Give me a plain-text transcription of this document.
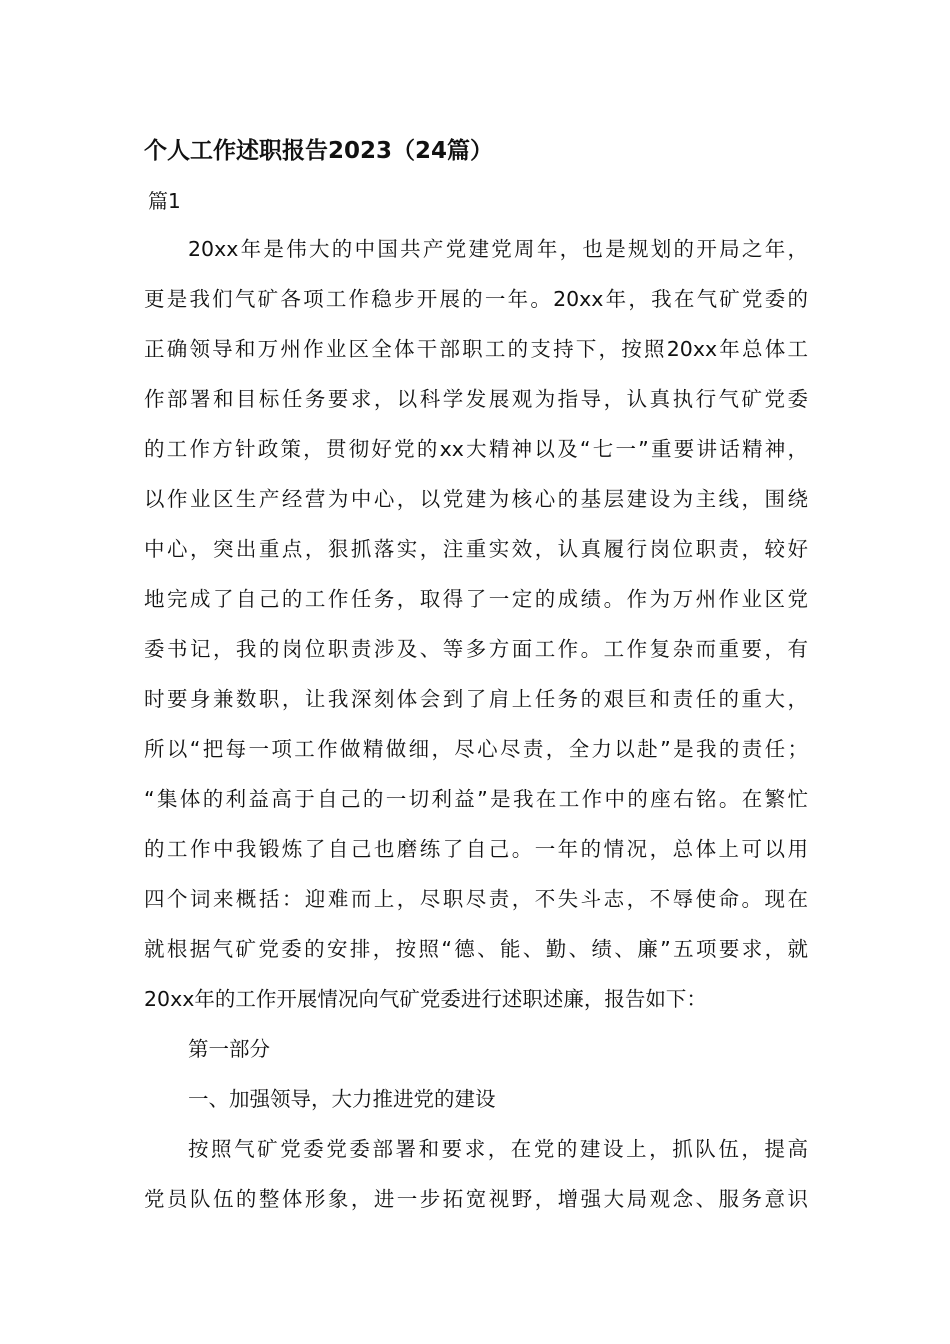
个人工作述职报告2023（24篇）
篇1
20xx年是伟大的中国共产党建党周年，也是规划的开局之年，
更是我们气矿各项工作稳步开展的一年。20xx年，我在气矿党委的
正确领导和万州作业区全体干部职工的支持下，按照20xx年总体工
作部署和目标任务要求，以科学发展观为指导，认真执行气矿党委
的工作方针政策，贯彻好党的xx大精神以及“七一”重要讲话精神，
以作业区生产经营为中心，以党建为核心的基层建设为主线，围绕
中心，突出重点，狠抓落实，注重实效，认真履行岗位职责，较好
地完成了自己的工作任务，取得了一定的成绩。作为万州作业区党
委书记，我的岗位职责涉及、等多方面工作。工作复杂而重要，有
时要身兼数职，让我深刻体会到了肩上任务的艰巨和责任的重大，
所以“把每一项工作做精做细，尽心尽责，全力以赴”是我的责任；
“集体的利益高于自己的一切利益”是我在工作中的座右铭。在繁忙
的工作中我锻炼了自己也磨练了自己。一年的情况，总体上可以用
四个词来概括：迎难而上，尽职尽责，不失斗志，不辱使命。现在
就根据气矿党委的安排，按照“德、能、勤、绩、廉”五项要求，就
20xx年的工作开展情况向气矿党委进行述职述廉，报告如下：
第一部分
一、加强领导，大力推进党的建设
按照气矿党委党委部署和要求，在党的建设上，抓队伍，提高
党员队伍的整体形象，进一步拓宽视野，增强大局观念、服务意识
